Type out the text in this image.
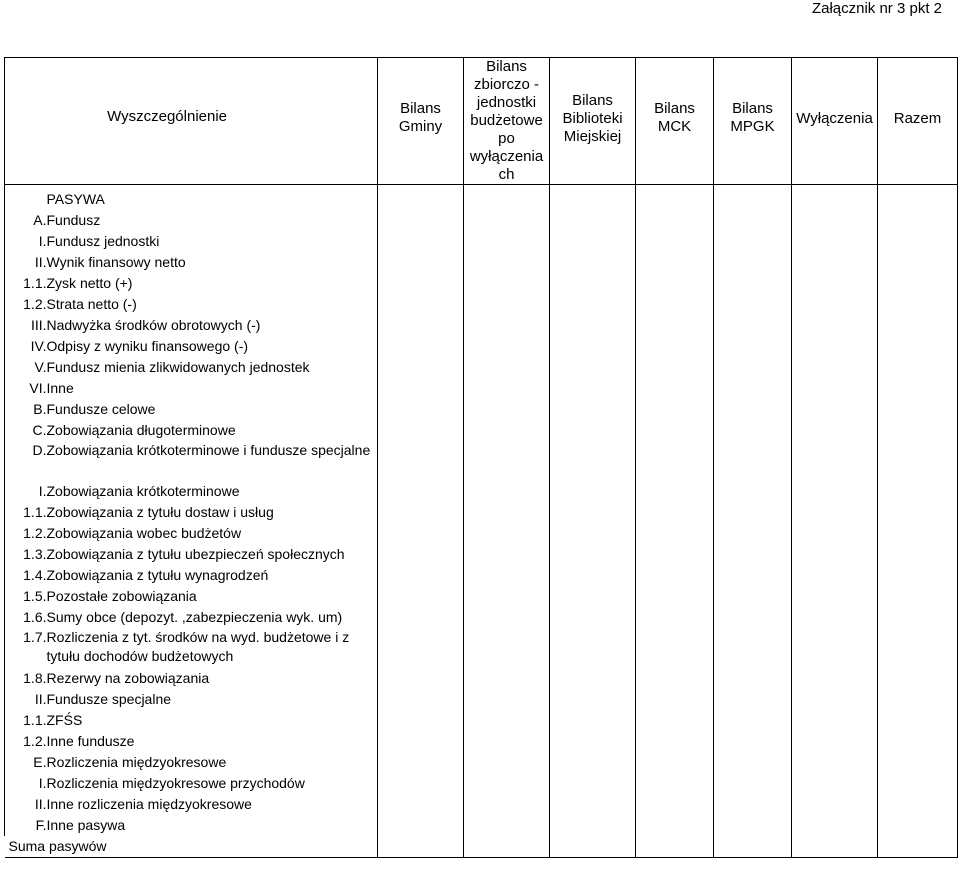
Załącznik nr 3 pkt 2
Wyszczególnienie		Bilans Gminy	Bilans zbiorczo - jednostki budżetowe po wyłączenia ch	Bilans Biblioteki Miejskiej	Bilans MCK	Bilans MPGK	Wyłączenia	Razem
	PASYWA							
A.	Fundusz							
I.	Fundusz jednostki							
II.	Wynik finansowy netto							
1.1.	Zysk netto (+)							
1.2.	Strata netto (-)							
III.	Nadwyżka środków obrotowych (-)							
IV.	Odpisy z wyniku finansowego (-)							
V.	Fundusz mienia zlikwidowanych jednostek							
VI.	Inne							
B.	Fundusze celowe							
C.	Zobowiązania długoterminowe							
D.	Zobowiązania krótkoterminowe i fundusze specjalne							
I.	Zobowiązania krótkoterminowe							
1.1.	Zobowiązania z tytułu dostaw i usług							
1.2.	Zobowiązania wobec budżetów							
1.3.	Zobowiązania z tytułu ubezpieczeń społecznych							
1.4.	Zobowiązania z tytułu wynagrodzeń							
1.5.	Pozostałe zobowiązania							
1.6.	Sumy obce (depozyt. ,zabezpieczenia wyk. um)							
1.7.	Rozliczenia z tyt. środków na wyd. budżetowe i z tytułu dochodów budżetowych							
1.8.	Rezerwy na zobowiązania							
II.	Fundusze specjalne							
1.1.	ZFŚS							
1.2.	Inne fundusze							
E.	Rozliczenia międzyokresowe							
I.	Rozliczenia międzyokresowe przychodów							
II.	Inne rozliczenia międzyokresowe							
F.	Inne pasywa							
Suma pasywów								
